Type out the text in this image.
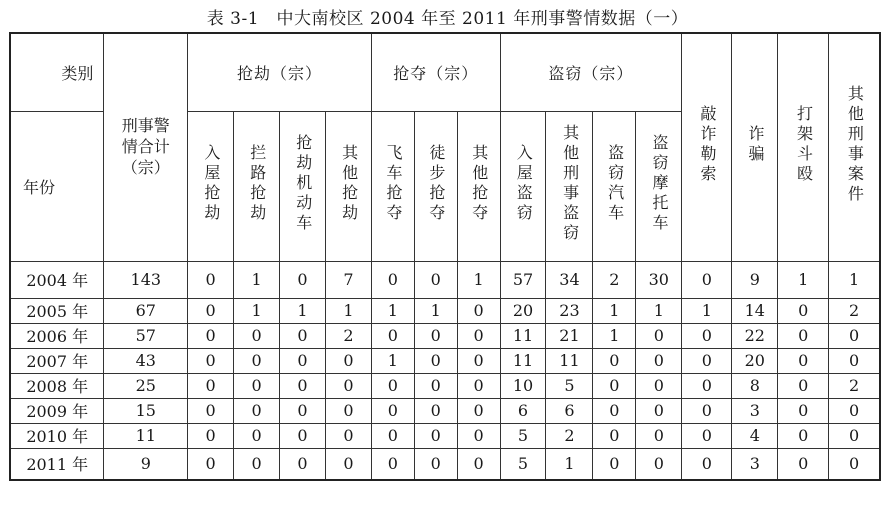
表 3-1　中大南校区 2004 年至 2011 年刑事警情数据（一）
类别	刑事警情合计（宗）	抢劫（宗）				抢夺（宗）			盗窃（宗）				敲诈勒索	诈骗	打架斗殴	其他刑事案件
年份		入屋抢劫	拦路抢劫	抢劫机动车	其他抢劫	飞车抢夺	徒步抢夺	其他抢夺	入屋盗窃	其他刑事盗窃	盗窃汽车	盗窃摩托车				
2004 年	143	0	1	0	7	0	0	1	57	34	2	30	0	9	1	1
2005 年	67	0	1	1	1	1	1	0	20	23	1	1	1	14	0	2
2006 年	57	0	0	0	2	0	0	0	11	21	1	0	0	22	0	0
2007 年	43	0	0	0	0	1	0	0	11	11	0	0	0	20	0	0
2008 年	25	0	0	0	0	0	0	0	10	5	0	0	0	8	0	2
2009 年	15	0	0	0	0	0	0	0	6	6	0	0	0	3	0	0
2010 年	11	0	0	0	0	0	0	0	5	2	0	0	0	4	0	0
2011 年	9	0	0	0	0	0	0	0	5	1	0	0	0	3	0	0
